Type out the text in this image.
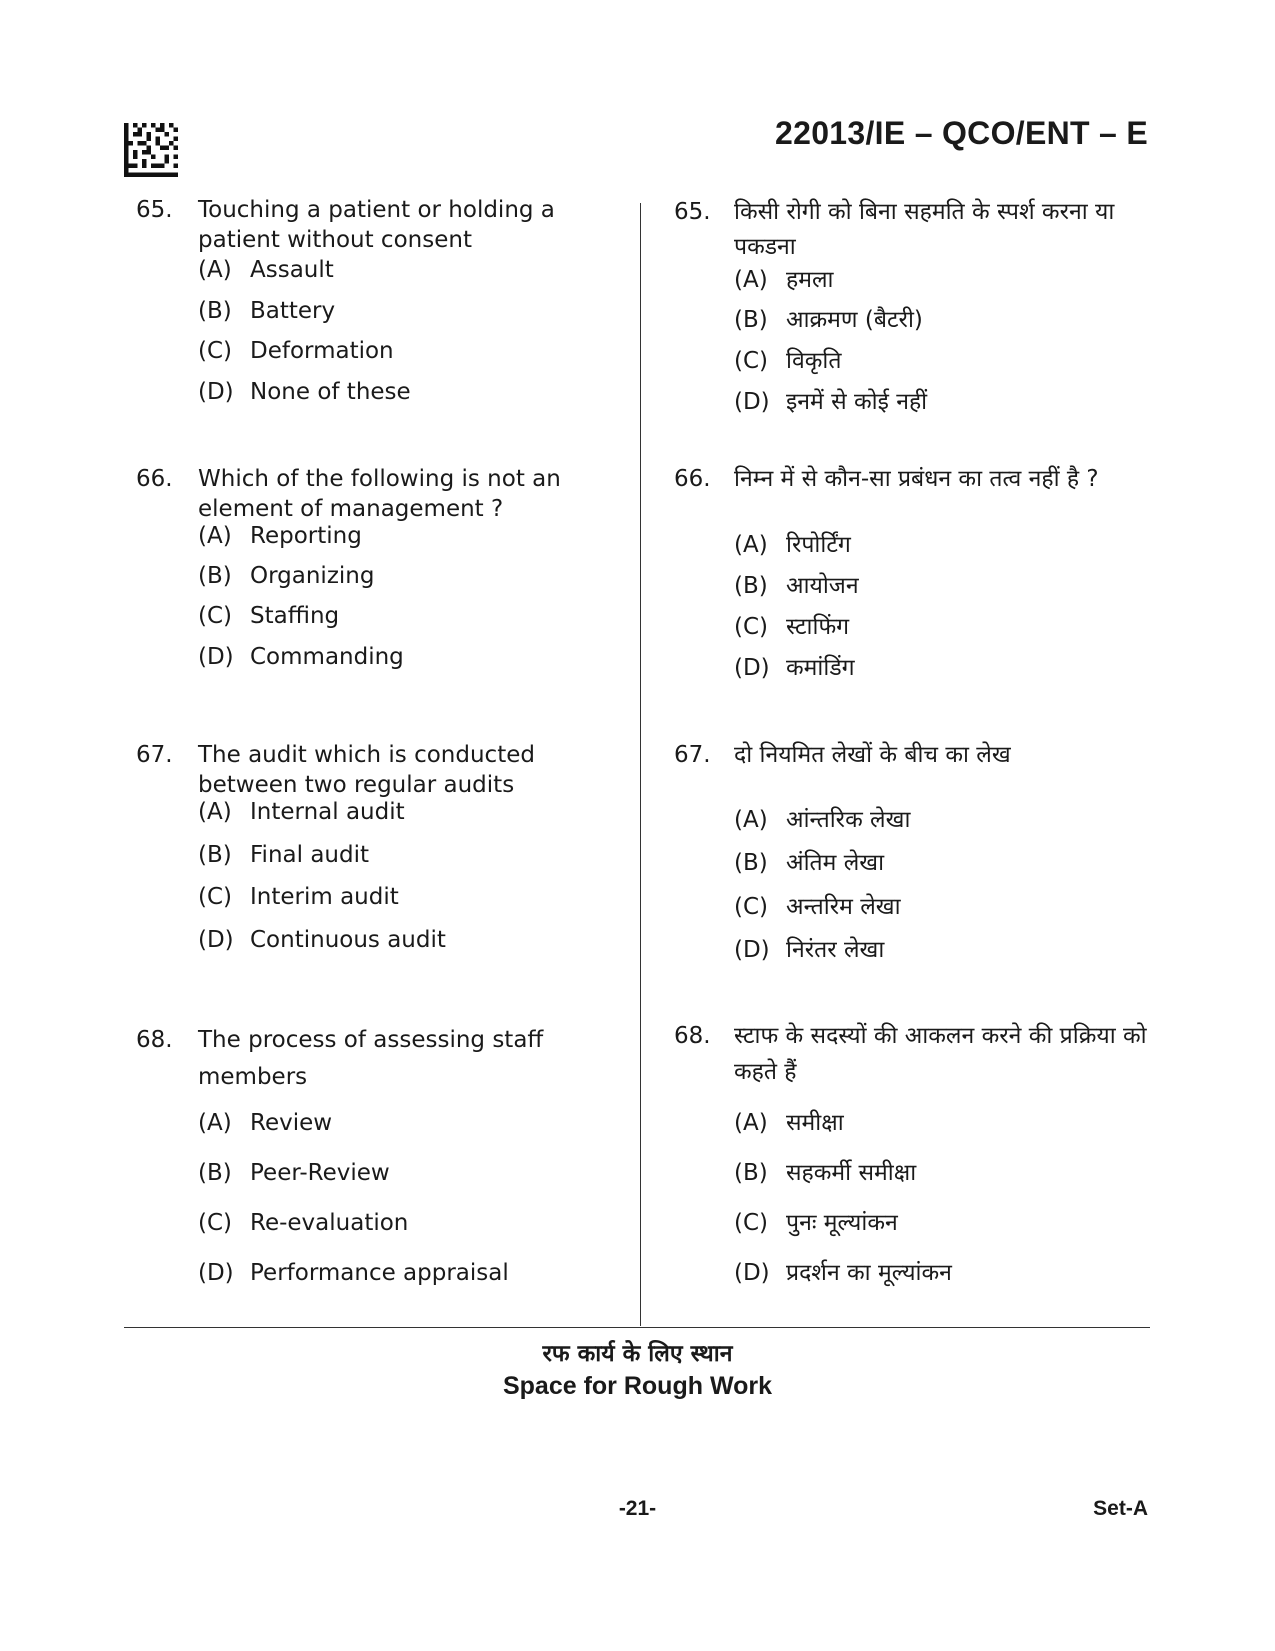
22013/IE – QCO/ENT – E
65. Touching a patient or holding a patient without consent
(A) Assault
(B) Battery
(C) Deformation
(D) None of these
66. Which of the following is not an element of management ?
(A) Reporting
(B) Organizing
(C) Staffing
(D) Commanding
67. The audit which is conducted between two regular audits
(A) Internal audit
(B) Final audit
(C) Interim audit
(D) Continuous audit
68. The process of assessing staff members
(A) Review
(B) Peer-Review
(C) Re-evaluation
(D) Performance appraisal
65. किसी रोगी को बिना सहमति के स्पर्श करना या पकडना
(A) हमला
(B) आक्रमण (बैटरी)
(C) विकृति
(D) इनमें से कोई नहीं
66. निम्न में से कौन-सा प्रबंधन का तत्व नहीं है ?
(A) रिपोर्टिंग
(B) आयोजन
(C) स्टाफिंग
(D) कमांडिंग
67. दो नियमित लेखों के बीच का लेख
(A) आंन्तरिक लेखा
(B) अंतिम लेखा
(C) अन्तरिम लेखा
(D) निरंतर लेखा
68. स्टाफ के सदस्यों की आकलन करने की प्रक्रिया को कहते हैं
(A) समीक्षा
(B) सहकर्मी समीक्षा
(C) पुनः मूल्यांकन
(D) प्रदर्शन का मूल्यांकन
रफ कार्य के लिए स्थान
Space for Rough Work
-21-	Set-A
